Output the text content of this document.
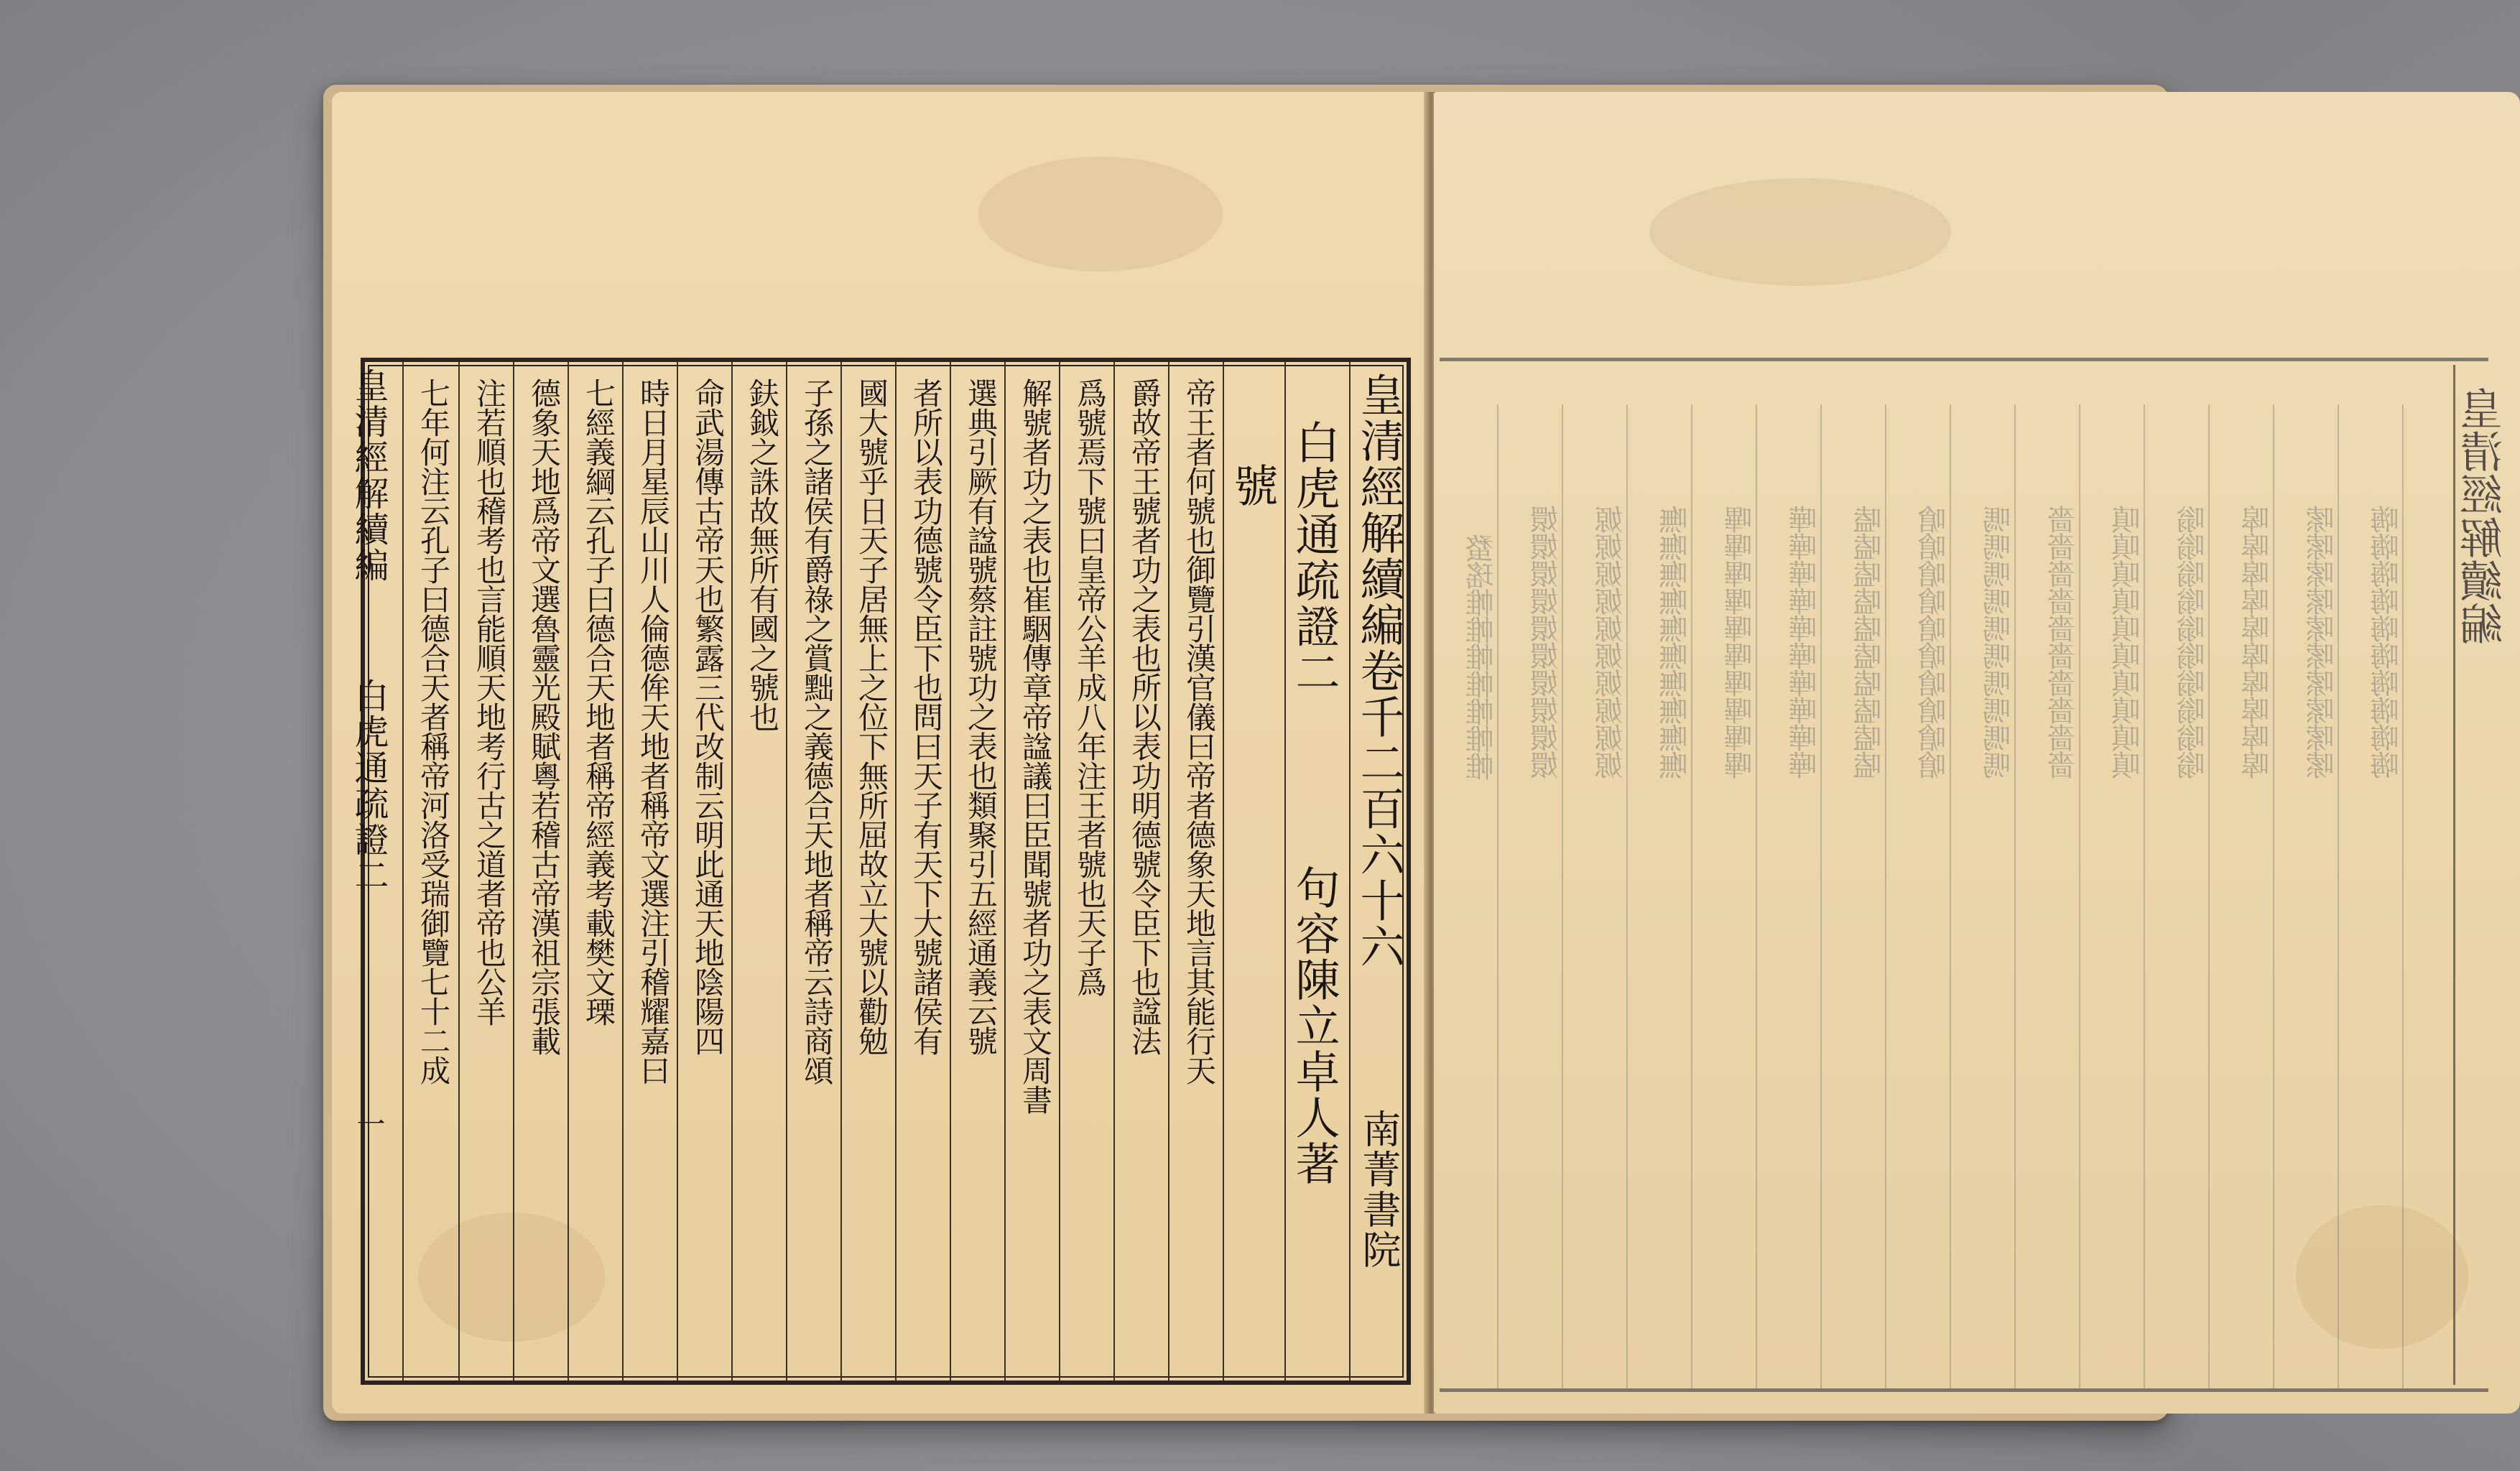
皇清經解續編
白虎通疏證二
一
七年何注云孔子曰德合天者稱帝河洛受瑞御覽七十二成 注若順也稽考也言能順天地考行古之道者帝也公羊 德象天地爲帝文選魯靈光殿賦粵若稽古帝漢祖宗張載 七經義綱云孔子曰德合天地者稱帝經義考載樊文瑮 時日月星辰山川人倫德侔天地者稱帝文選注引稽耀嘉曰 命武湯傳古帝天也繁露三代改制云明此通天地陰陽四 鈇鉞之誅故無所有國之號也 子孫之諸侯有爵祿之賞黜之義德合天地者稱帝云詩商頌 國大號乎日天子居無上之位下無所屈故立大號以勸勉 者所以表功德號令臣下也問曰天子有天下大號諸侯有 選典引厥有諡號蔡註號功之表也類聚引五經通義云號 解號者功之表也崔駰傳章帝諡議曰臣聞號者功之表文周書 爲號焉下號曰皇帝公羊成八年注王者號也天子爲 爵故帝王號者功之表也所以表功明德號令臣下也諡法 帝王者何號也御覽引漢官儀曰帝者德象天地言其能行天 號 白虎通疏證二
句容陳立卓人著
皇清經解續編卷千二百六十六
南菁書院
蝥瑤帷帷帷帷帷帷帷 嬛嬛嬛嬛嬛嬛嬛嬛嬛嬛 嫄嫄嫄嫄嫄嫄嫄嫄嫄嫄 嘸嘸嘸嘸嘸嘸嘸嘸嘸嘸 嗶嗶嗶嗶嗶嗶嗶嗶嗶嗶 嘩嘩嘩嘩嘩嘩嘩嘩嘩嘩 嗑嗑嗑嗑嗑嗑嗑嗑嗑嗑 嗆嗆嗆嗆嗆嗆嗆嗆嗆嗆 嗎嗎嗎嗎嗎嗎嗎嗎嗎嗎 嗇嗇嗇嗇嗇嗇嗇嗇嗇嗇 嗔嗔嗔嗔嗔嗔嗔嗔嗔嗔 嗡嗡嗡嗡嗡嗡嗡嗡嗡嗡 嗥嗥嗥嗥嗥嗥嗥嗥嗥嗥 嗦嗦嗦嗦嗦嗦嗦嗦嗦嗦 嗨嗨嗨嗨嗨嗨嗨嗨嗨嗨 皇清經解續編
